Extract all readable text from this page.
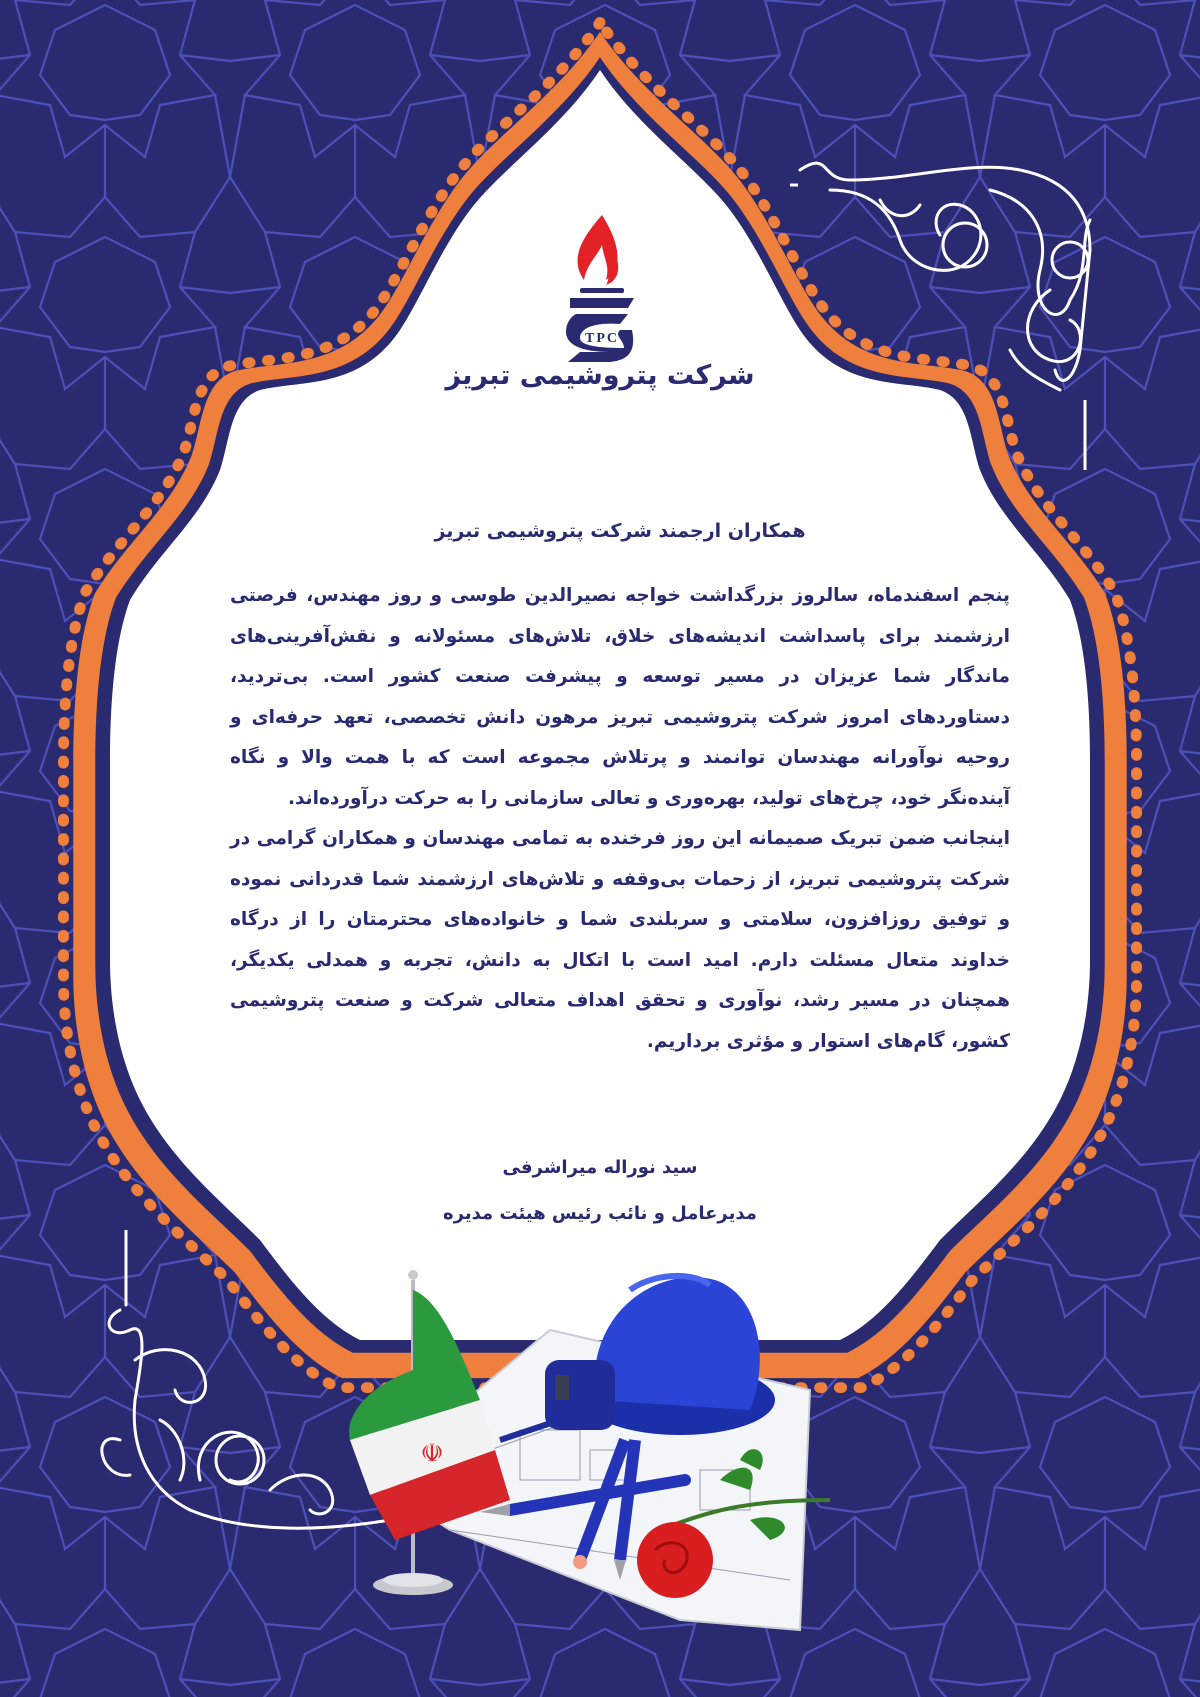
TPC
شرکت پتروشیمی تبریز
همکاران ارجمند شرکت پتروشیمی تبریز

پنجم اسفندماه، سالروز بزرگداشت خواجه نصیرالدین طوسی و روز مهندس، فرصتی ارزشمند برای پاسداشت اندیشه‌های خلاق، تلاش‌های مسئولانه و نقش‌آفرینی‌های ماندگار شما عزیزان در مسیر توسعه و پیشرفت صنعت کشور است. بی‌تردید، دستاوردهای امروز شرکت پتروشیمی تبریز مرهون دانش تخصصی، تعهد حرفه‌ای و روحیه نوآورانه مهندسان توانمند و پرتلاش مجموعه است که با همت والا و نگاه آینده‌نگر خود، چرخ‌های تولید، بهره‌وری و تعالی سازمانی را به حرکت درآورده‌اند.

اینجانب ضمن تبریک صمیمانه این روز فرخنده به تمامی مهندسان و همکاران گرامی در شرکت پتروشیمی تبریز، از زحمات بی‌وقفه و تلاش‌های ارزشمند شما قدردانی نموده و توفیق روزافزون، سلامتی و سربلندی شما و خانواده‌های محترمتان را از درگاه خداوند متعال مسئلت دارم. امید است با اتکال به دانش، تجربه و همدلی یکدیگر، همچنان در مسیر رشد، نوآوری و تحقق اهداف متعالی شرکت و صنعت پتروشیمی کشور، گام‌های استوار و مؤثری برداریم.

سید نوراله میراشرفی
مدیرعامل و نائب رئیس هیئت مدیره
☫
